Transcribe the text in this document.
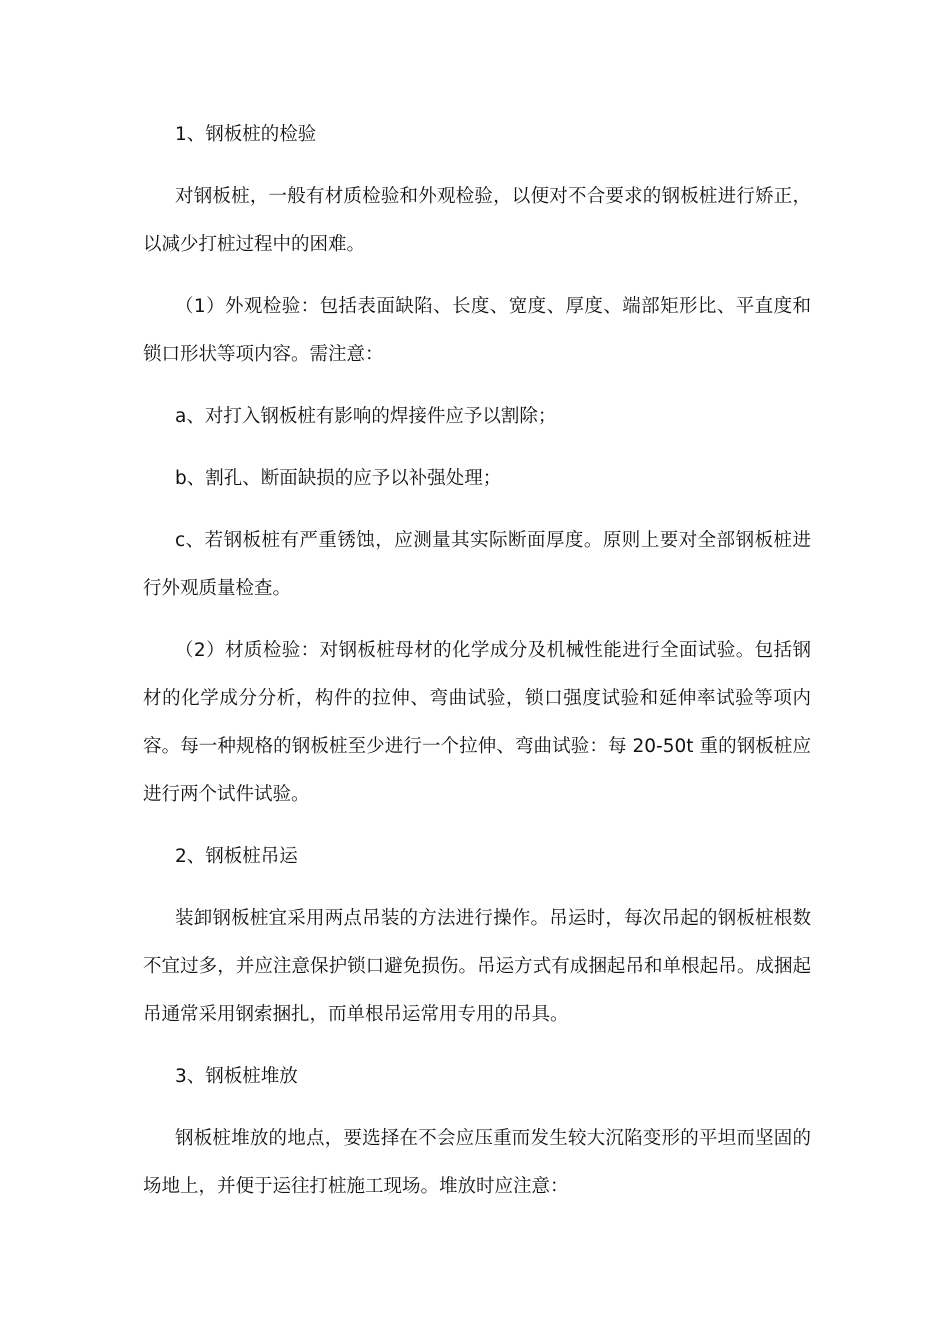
1、钢板桩的检验

对钢板桩，一般有材质检验和外观检验，以便对不合要求的钢板桩进行矫正，以减少打桩过程中的困难。

（1）外观检验：包括表面缺陷、长度、宽度、厚度、端部矩形比、平直度和锁口形状等项内容。需注意：

a、对打入钢板桩有影响的焊接件应予以割除；

b、割孔、断面缺损的应予以补强处理；

c、若钢板桩有严重锈蚀，应测量其实际断面厚度。原则上要对全部钢板桩进行外观质量检查。

（2）材质检验：对钢板桩母材的化学成分及机械性能进行全面试验。包括钢材的化学成分分析，构件的拉伸、弯曲试验，锁口强度试验和延伸率试验等项内容。每一种规格的钢板桩至少进行一个拉伸、弯曲试验：每 20-50t 重的钢板桩应进行两个试件试验。

2、钢板桩吊运

装卸钢板桩宜采用两点吊装的方法进行操作。吊运时，每次吊起的钢板桩根数不宜过多，并应注意保护锁口避免损伤。吊运方式有成捆起吊和单根起吊。成捆起吊通常采用钢索捆扎，而单根吊运常用专用的吊具。

3、钢板桩堆放

钢板桩堆放的地点，要选择在不会应压重而发生较大沉陷变形的平坦而坚固的场地上，并便于运往打桩施工现场。堆放时应注意：
